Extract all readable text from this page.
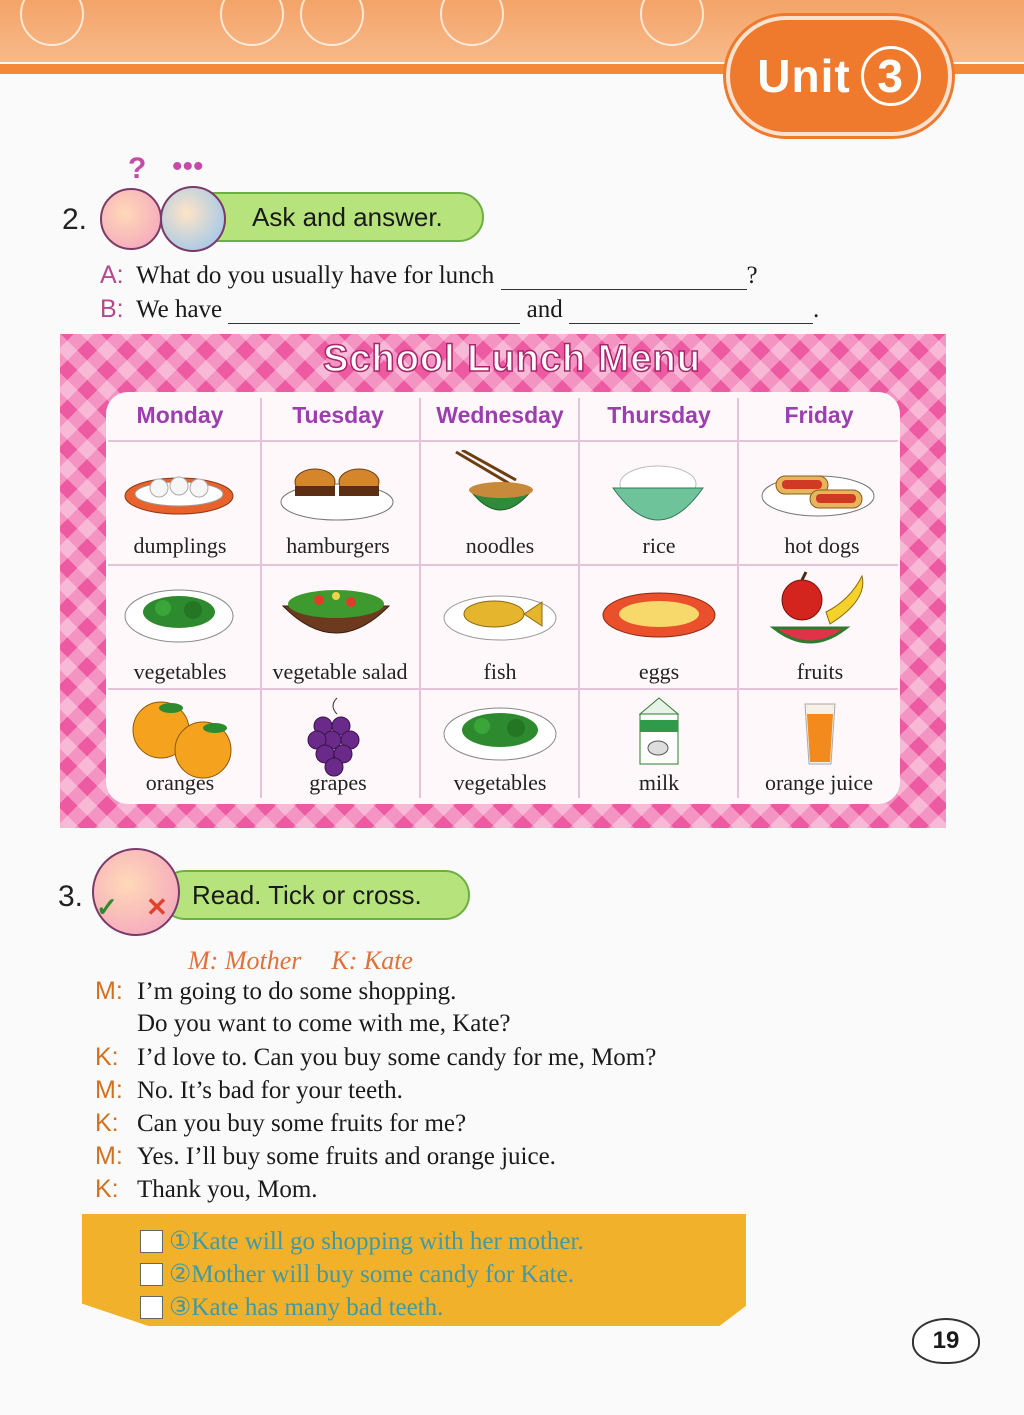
Unit 3
2.	Ask and answer.
? •••
A: What do you usually have for lunch	?
B: We have	and	.
School Lunch Menu
Monday	Tuesday	Wednesday	Thursday	Friday
dumplings	hamburgers	noodles	rice	hot dogs
vegetables	vegetable salad	fish	eggs	fruits
oranges	grapes	vegetables	milk	orange juice
3.	Read. Tick or cross.
✓ ✕
M: Mother K: Kate
M: I’m going to do some shopping.
Do you want to come with me, Kate?
K: I’d love to. Can you buy some candy for me, Mom?
M: No. It’s bad for your teeth.
K: Can you buy some fruits for me?
M: Yes. I’ll buy some fruits and orange juice.
K: Thank you, Mom.
①Kate will go shopping with her mother.
②Mother will buy some candy for Kate.
③Kate has many bad teeth.
19
